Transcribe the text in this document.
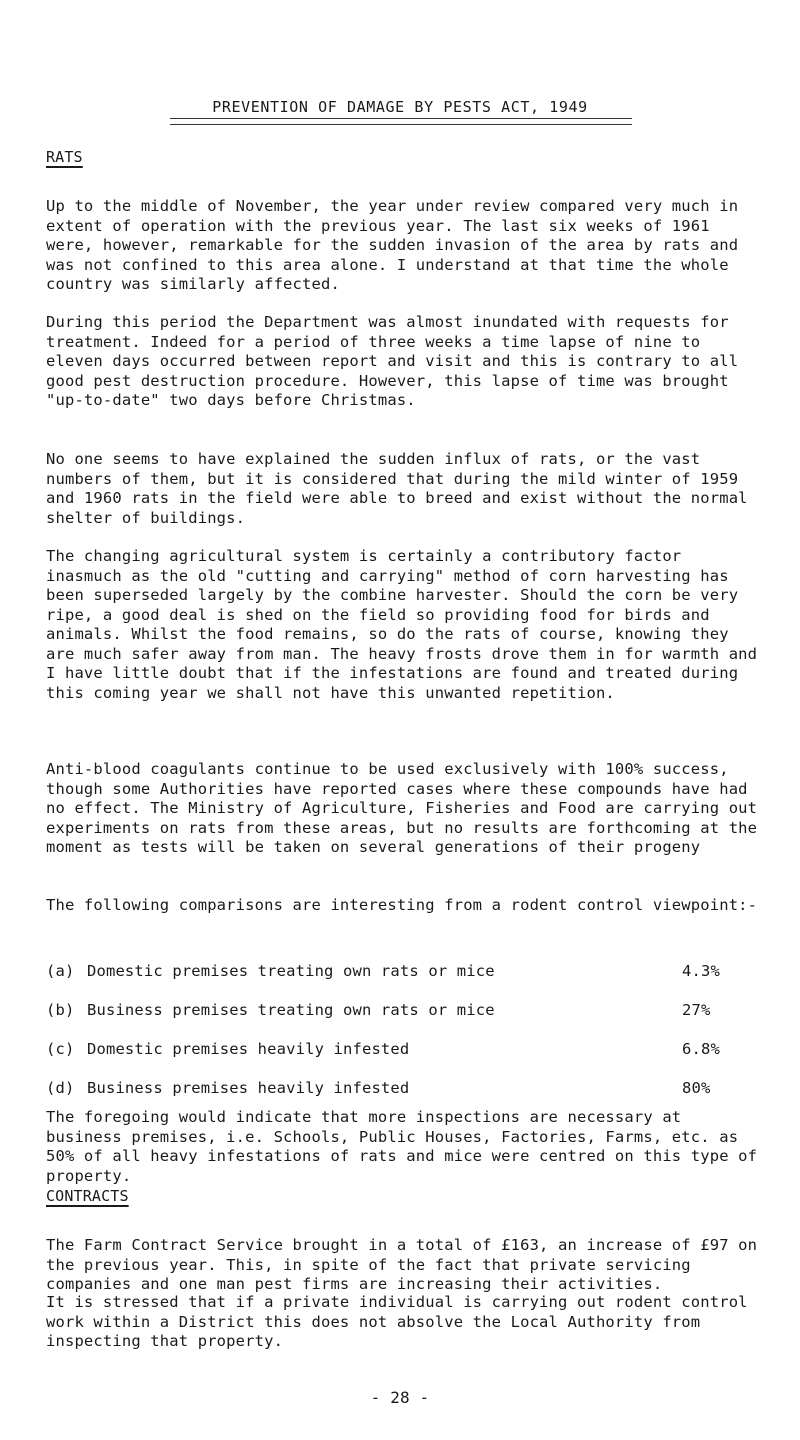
PREVENTION OF DAMAGE BY PESTS ACT, 1949
RATS

Up to the middle of November, the year under review compared very much in extent of operation with the previous year. The last six weeks of 1961 were, however, remarkable for the sudden invasion of the area by rats and was not confined to this area alone. I understand at that time the whole country was similarly affected.

During this period the Department was almost inundated with requests for treatment. Indeed for a period of three weeks a time lapse of nine to eleven days occurred between report and visit and this is contrary to all good pest destruction procedure. However, this lapse of time was brought "up-to-date" two days before Christmas.

No one seems to have explained the sudden influx of rats, or the vast numbers of them, but it is considered that during the mild winter of 1959 and 1960 rats in the field were able to breed and exist without the normal shelter of buildings.

The changing agricultural system is certainly a contributory factor inasmuch as the old "cutting and carrying" method of corn harvesting has been superseded largely by the combine harvester. Should the corn be very ripe, a good deal is shed on the field so providing food for birds and animals. Whilst the food remains, so do the rats of course, knowing they are much safer away from man. The heavy frosts drove them in for warmth and I have little doubt that if the infestations are found and treated during this coming year we shall not have this unwanted repetition.

Anti-blood coagulants continue to be used exclusively with 100% success, though some Authorities have reported cases where these compounds have had no effect. The Ministry of Agriculture, Fisheries and Food are carrying out experiments on rats from these areas, but no results are forthcoming at the moment as tests will be taken on several generations of their progeny

The following comparisons are interesting from a rodent control viewpoint:-

(a) Domestic premises treating own rats or mice	4.3%
(b) Business premises treating own rats or mice	27%
(c) Domestic premises heavily infested	6.8%
(d) Business premises heavily infested	80%

The foregoing would indicate that more inspections are necessary at business premises, i.e. Schools, Public Houses, Factories, Farms, etc. as 50% of all heavy infestations of rats and mice were centred on this type of property.

CONTRACTS

The Farm Contract Service brought in a total of £163, an increase of £97 on the previous year. This, in spite of the fact that private servicing companies and one man pest firms are increasing their activities.

It is stressed that if a private individual is carrying out rodent control work within a District this does not absolve the Local Authority from inspecting that property.

- 28 -
